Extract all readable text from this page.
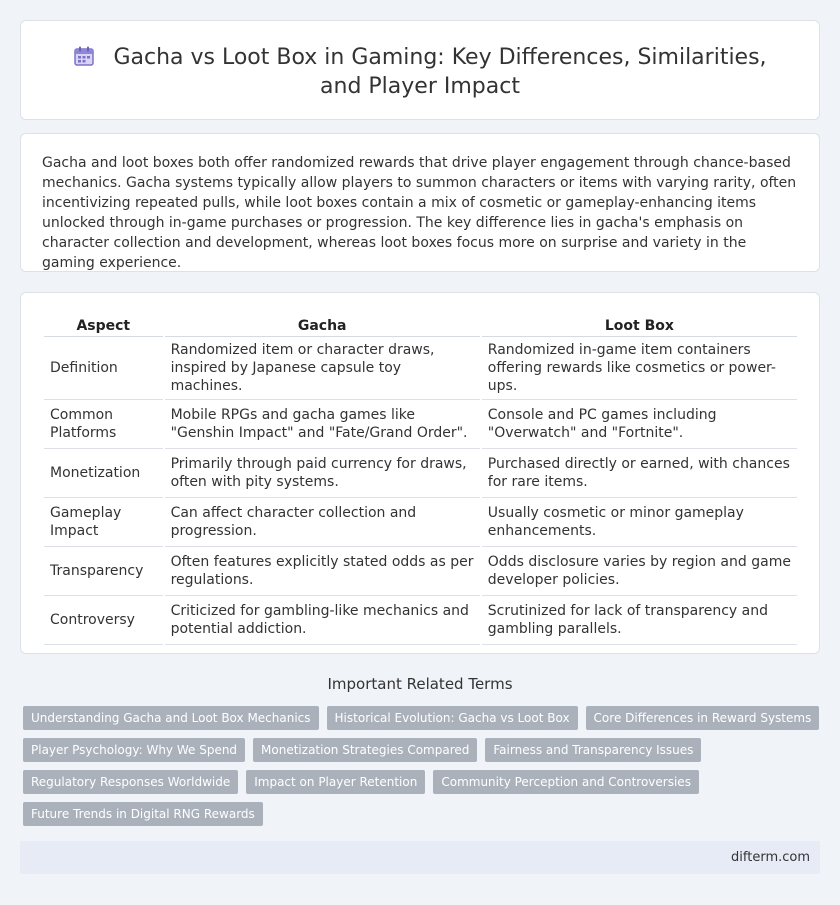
Gacha vs Loot Box in Gaming: Key Differences, Similarities, and Player Impact

Gacha and loot boxes both offer randomized rewards that drive player engagement through chance-based mechanics. Gacha systems typically allow players to summon characters or items with varying rarity, often incentivizing repeated pulls, while loot boxes contain a mix of cosmetic or gameplay-enhancing items unlocked through in-game purchases or progression. The key difference lies in gacha's emphasis on character collection and development, whereas loot boxes focus more on surprise and variety in the gaming experience.

Aspect	Gacha	Loot Box
Definition	Randomized item or character draws, inspired by Japanese capsule toy machines.	Randomized in-game item containers offering rewards like cosmetics or power-ups.
Common Platforms	Mobile RPGs and gacha games like "Genshin Impact" and "Fate/Grand Order".	Console and PC games including "Overwatch" and "Fortnite".
Monetization	Primarily through paid currency for draws, often with pity systems.	Purchased directly or earned, with chances for rare items.
Gameplay Impact	Can affect character collection and progression.	Usually cosmetic or minor gameplay enhancements.
Transparency	Often features explicitly stated odds as per regulations.	Odds disclosure varies by region and game developer policies.
Controversy	Criticized for gambling-like mechanics and potential addiction.	Scrutinized for lack of transparency and gambling parallels.
Important Related Terms
Understanding Gacha and Loot Box Mechanics	Historical Evolution: Gacha vs Loot Box	Core Differences in Reward Systems
Player Psychology: Why We Spend	Monetization Strategies Compared	Fairness and Transparency Issues
Regulatory Responses Worldwide	Impact on Player Retention	Community Perception and Controversies
Future Trends in Digital RNG Rewards
difterm.com
